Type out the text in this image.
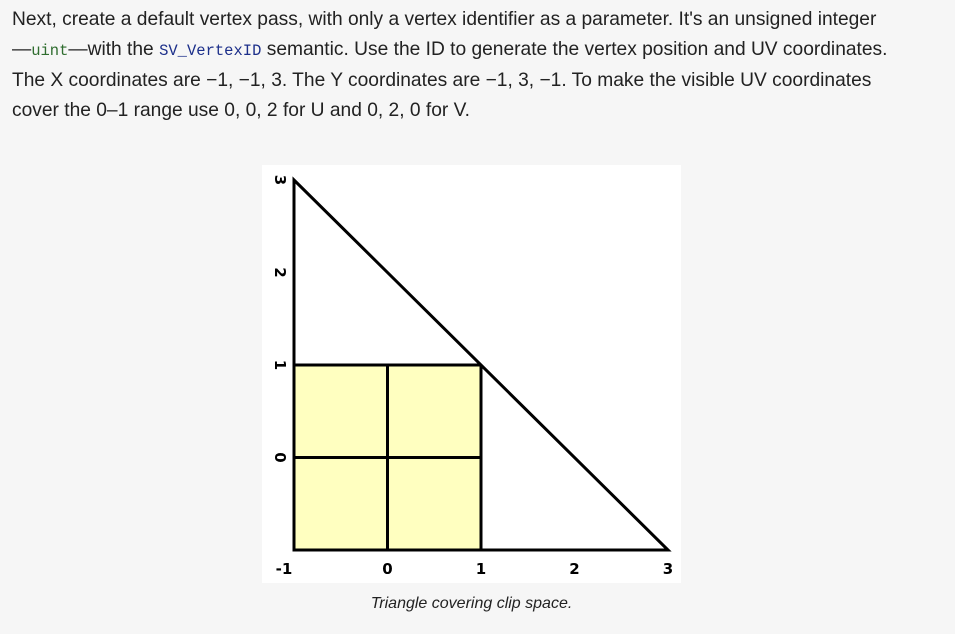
Next, create a default vertex pass, with only a vertex identifier as a parameter. It's an unsigned integer
—uint—with the SV_VertexID semantic. Use the ID to generate the vertex position and UV coordinates.
The X coordinates are −1, −1, 3. The Y coordinates are −1, 3, −1. To make the visible UV coordinates
cover the 0–1 range use 0, 0, 2 for U and 0, 2, 0 for V.
-1	0	1	2	3
3
2
1
0
Triangle covering clip space.
